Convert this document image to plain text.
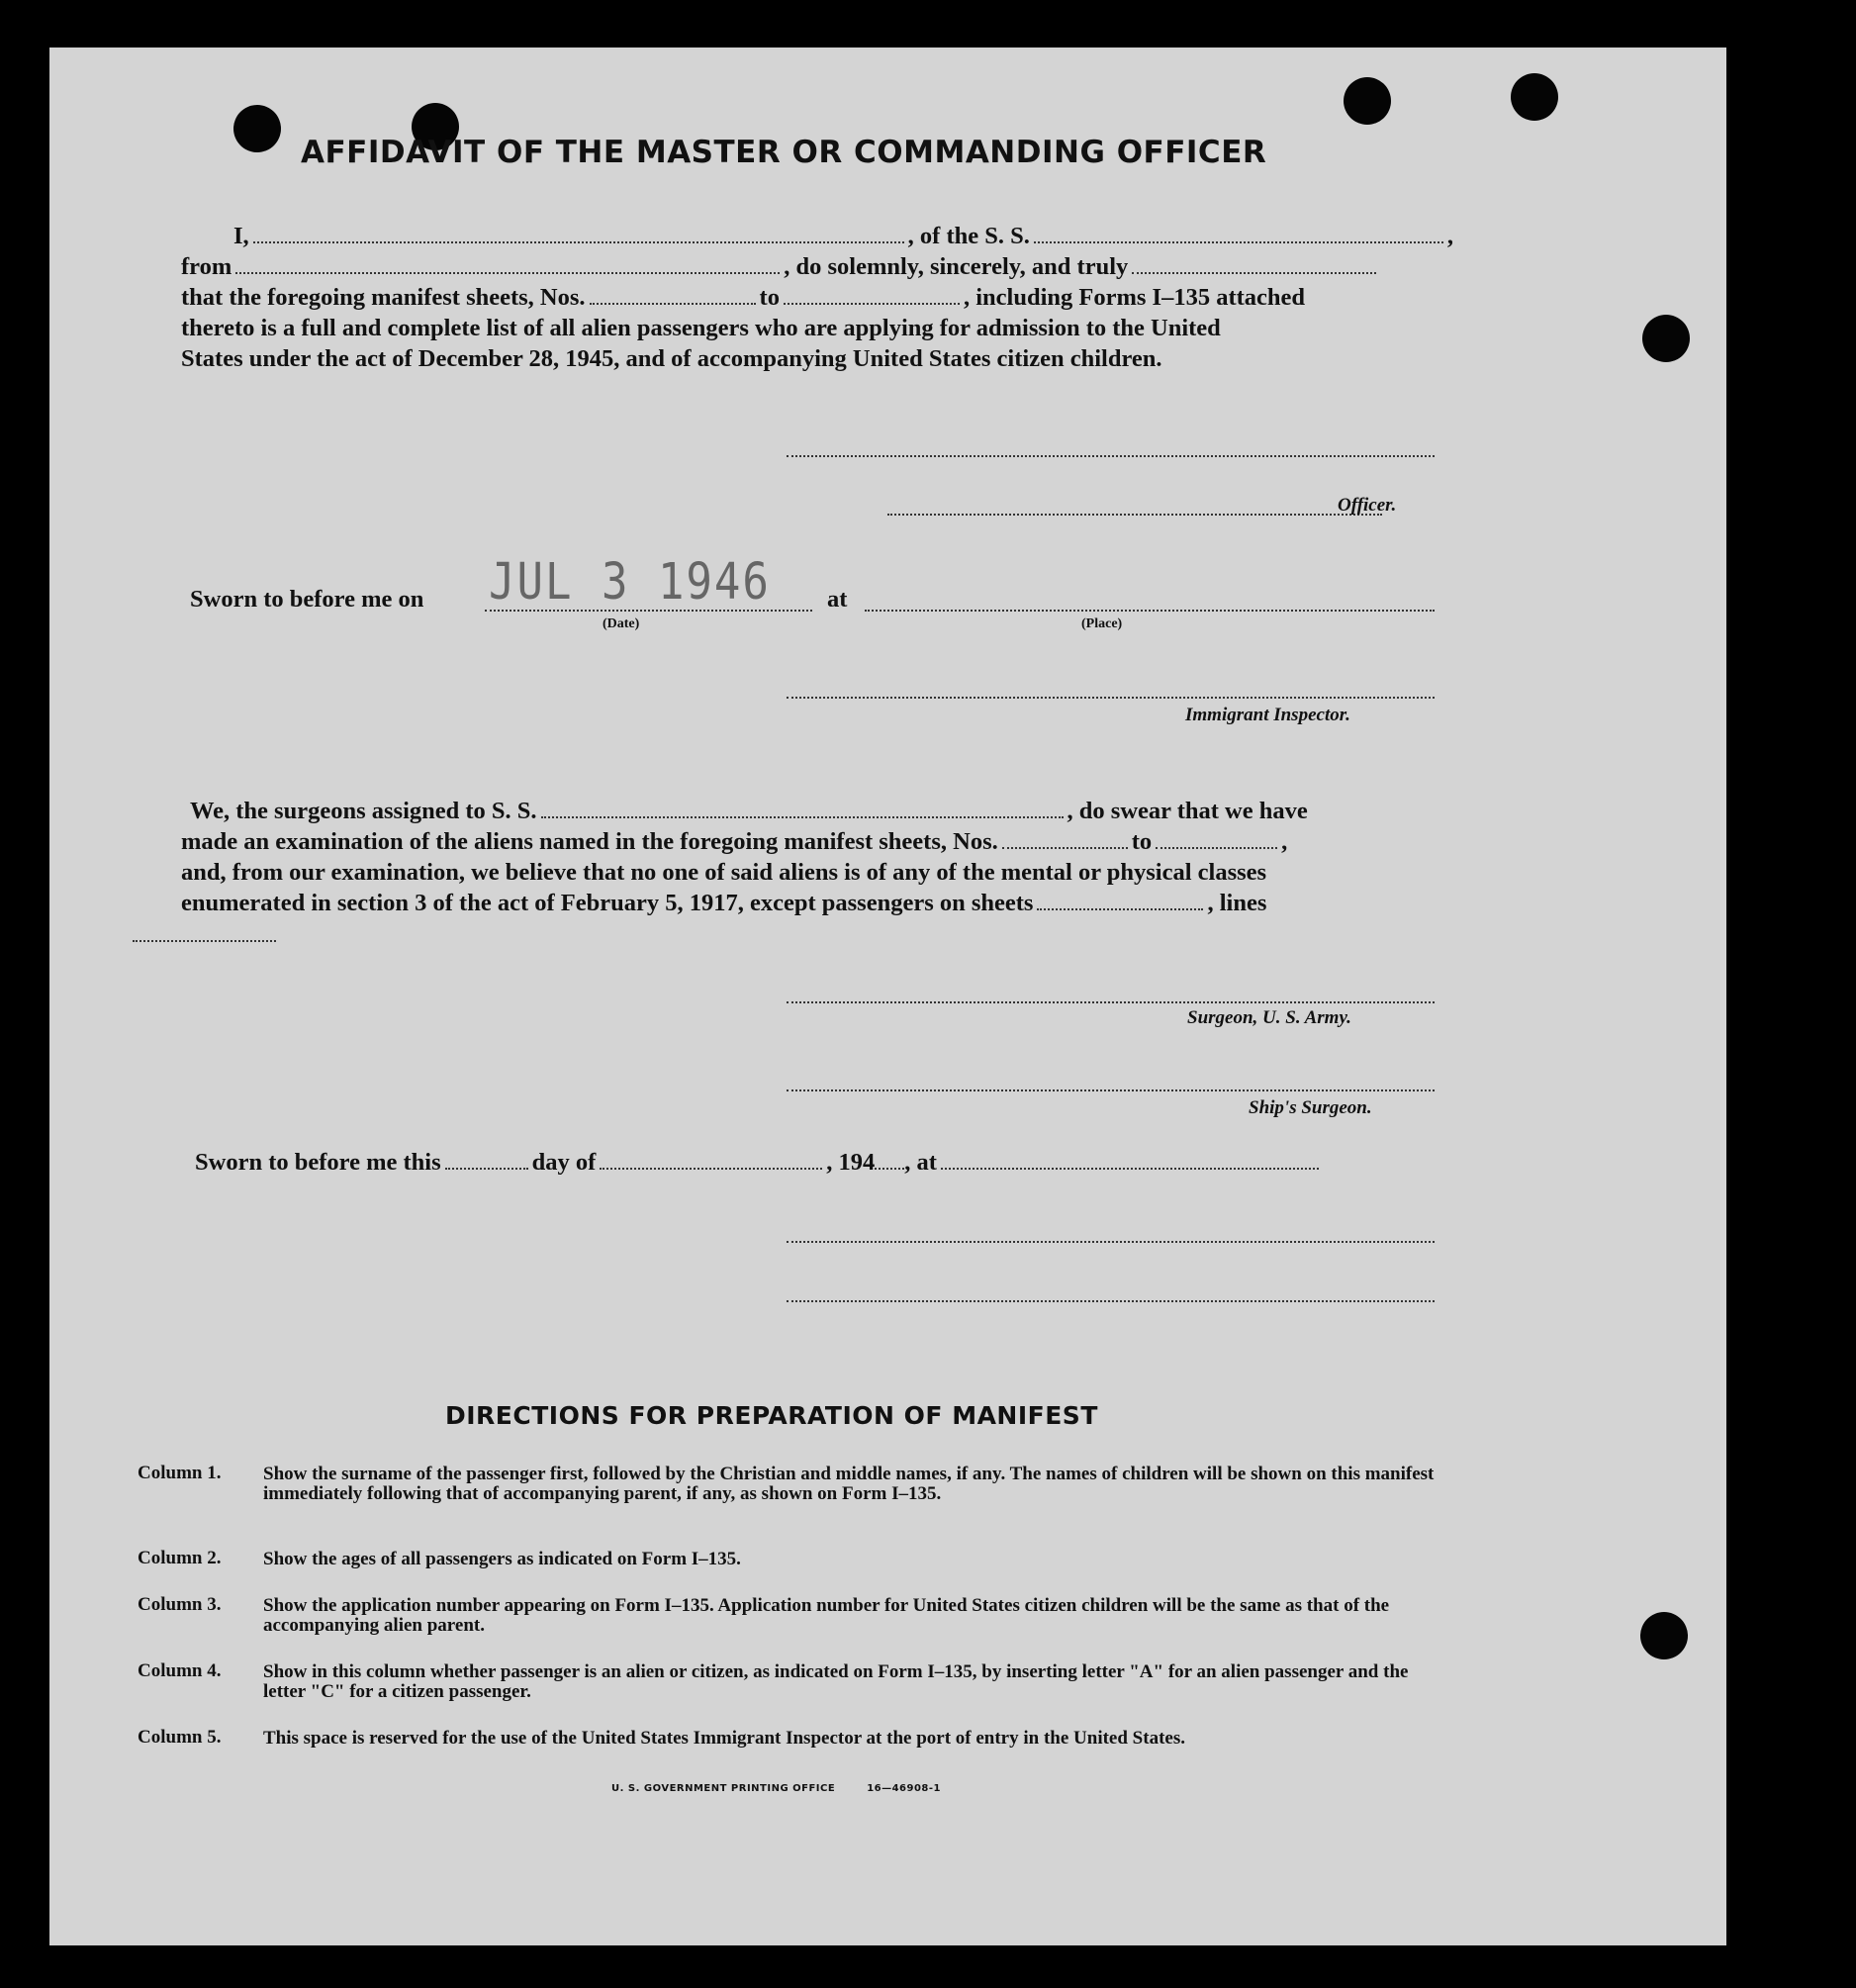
AFFIDAVIT OF THE MASTER OR COMMANDING OFFICER
I,	, of the S. S.	,
from	, do solemnly, sincerely, and truly
that the foregoing manifest sheets, Nos.	to	, including Forms I–135 attached
thereto is a full and complete list of all alien passengers who are applying for admission to the United
States under the act of December 28, 1945, and of accompanying United States citizen children.
Officer.
Sworn to before me on JUL 3 1946
(Date)
at
(Place)
Immigrant Inspector.
We, the surgeons assigned to S. S.	, do swear that we have
made an examination of the aliens named in the foregoing manifest sheets, Nos.	to	,
and, from our examination, we believe that no one of said aliens is of any of the mental or physical classes
enumerated in section 3 of the act of February 5, 1917, except passengers on sheets	, lines
Surgeon, U. S. Army.
Ship's Surgeon.
Sworn to before me this	day of	, 194 , at
DIRECTIONS FOR PREPARATION OF MANIFEST
Column 1. Show the surname of the passenger first, followed by the Christian and middle names, if any. The names of children will be shown on this manifest immediately following that of accompanying parent, if any, as shown on Form I–135.
Column 2. Show the ages of all passengers as indicated on Form I–135.
Column 3. Show the application number appearing on Form I–135. Application number for United States citizen children will be the same as that of the accompanying alien parent.
Column 4. Show in this column whether passenger is an alien or citizen, as indicated on Form I–135, by inserting letter "A" for an alien passenger and the letter "C" for a citizen passenger.
Column 5. This space is reserved for the use of the United States Immigrant Inspector at the port of entry in the United States.
U. S. GOVERNMENT PRINTING OFFICE	16—46908-1
